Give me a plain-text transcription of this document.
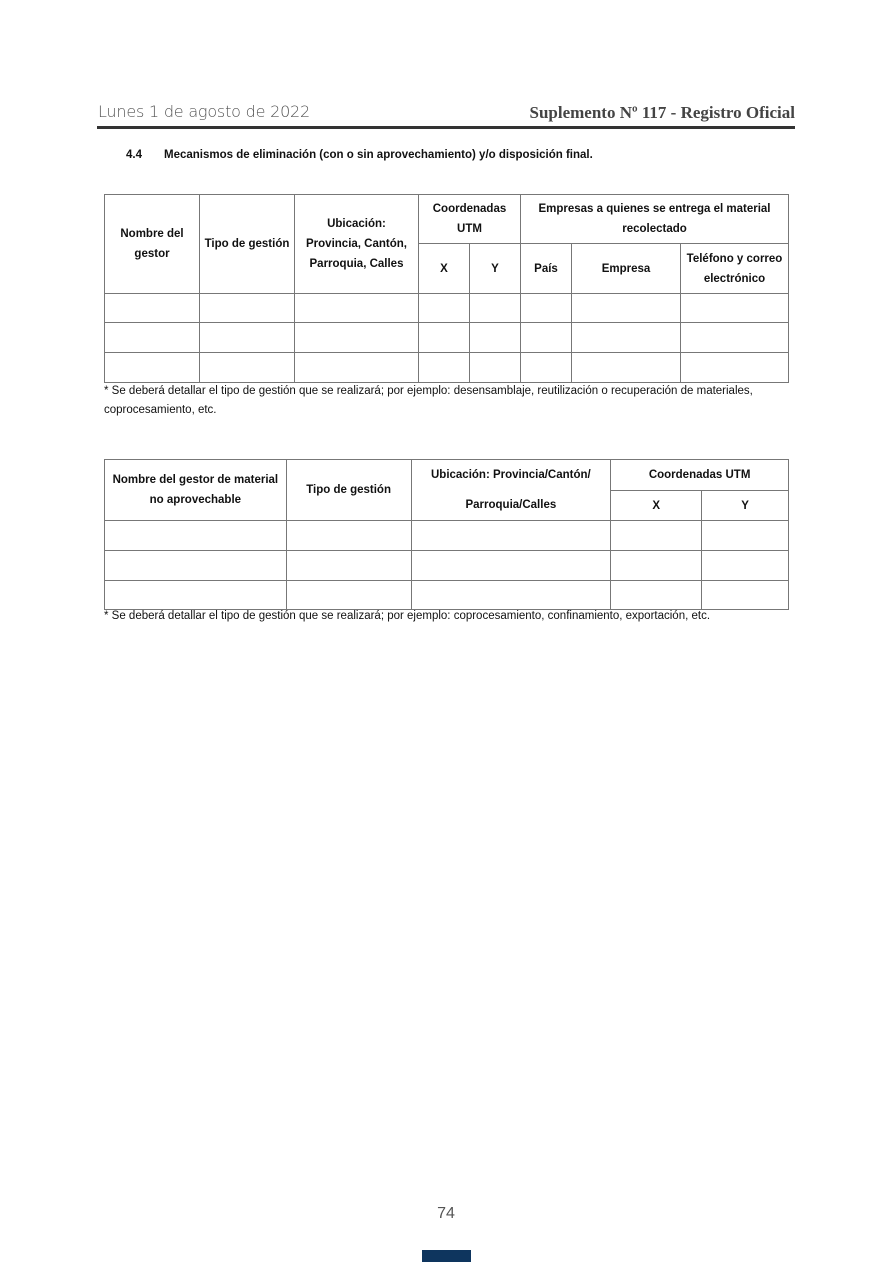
Lunes 1 de agosto de 2022	Suplemento Nº 117 - Registro Oficial
4.4 Mecanismos de eliminación (con o sin aprovechamiento) y/o disposición final.
Nombre del gestor	Tipo de gestión	Ubicación: Provincia, Cantón, Parroquia, Calles	Coordenadas UTM		Empresas a quienes se entrega el material recolectado		
			X	Y	País	Empresa	Teléfono y correo electrónico

* Se deberá detallar el tipo de gestión que se realizará; por ejemplo: desensamblaje, reutilización o recuperación de materiales, coprocesamiento, etc.
Nombre del gestor de material no aprovechable	Tipo de gestión	Ubicación: Provincia/Cantón/
Parroquia/Calles	Coordenadas UTM	
			X	Y

* Se deberá detallar el tipo de gestión que se realizará; por ejemplo: coprocesamiento, confinamiento, exportación, etc.
74
